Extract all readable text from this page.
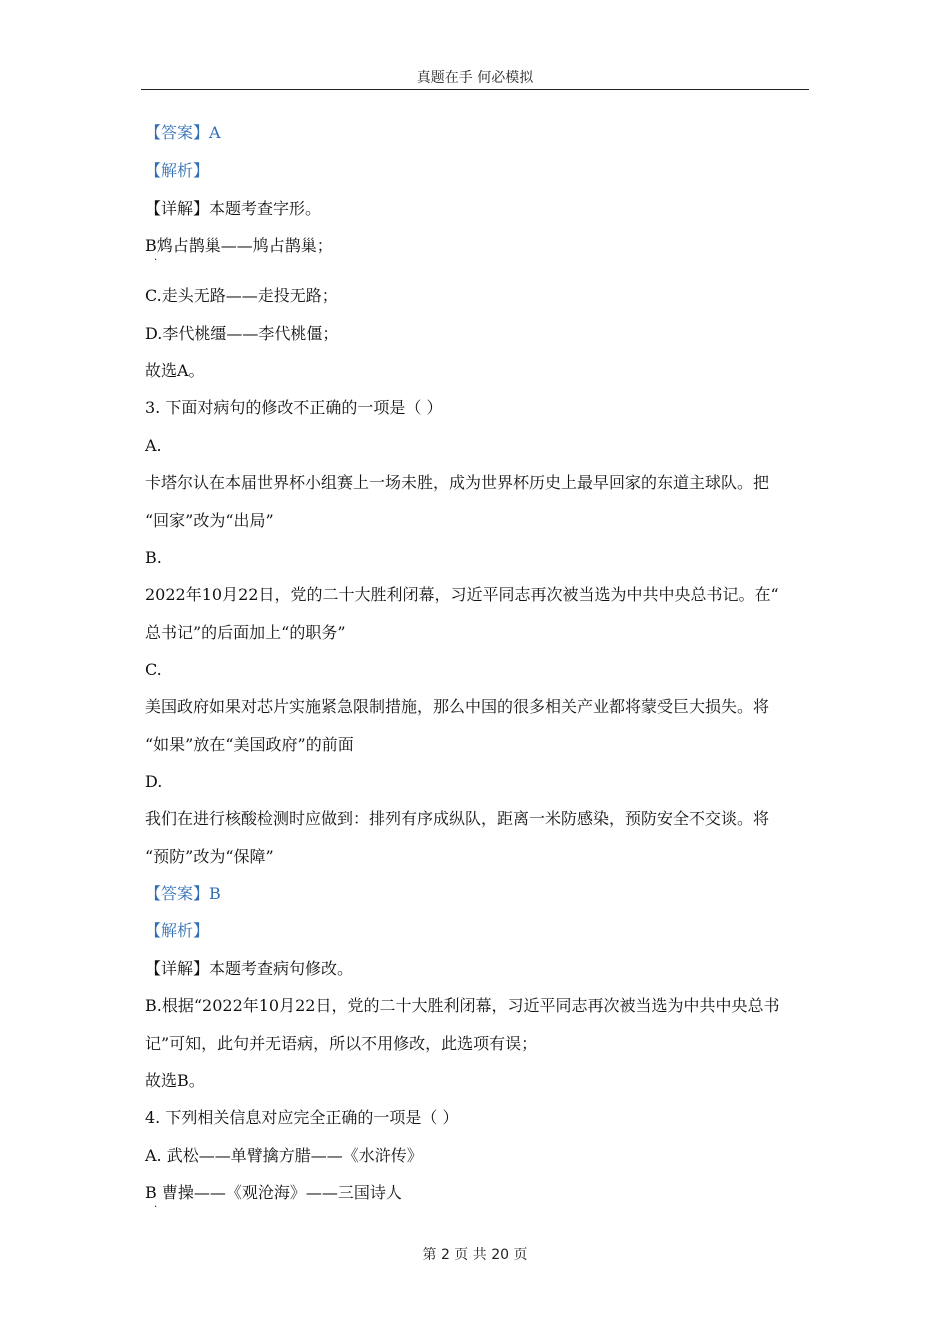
真题在手 何必模拟
【答案】A
【解析】
【详解】本题考查字形。
B鸩占鹊巢——鸠占鹊巢；
·
C.走头无路——走投无路；
D.李代桃缰——李代桃僵；
故选A。
3. 下面对病句的修改不正确的一项是（ ）
A.
卡塔尔认在本届世界杯小组赛上一场未胜，成为世界杯历史上最早回家的东道主球队。把
“回家”改为“出局”
B.
2022年10月22日，党的二十大胜利闭幕，习近平同志再次被当选为中共中央总书记。在“
总书记”的后面加上“的职务”
C.
美国政府如果对芯片实施紧急限制措施，那么中国的很多相关产业都将蒙受巨大损失。将
“如果”放在“美国政府”的前面
D.
我们在进行核酸检测时应做到：排列有序成纵队，距离一米防感染，预防安全不交谈。将
“预防”改为“保障”
【答案】B
【解析】
【详解】本题考查病句修改。
B.根据“2022年10月22日，党的二十大胜利闭幕，习近平同志再次被当选为中共中央总书
记”可知，此句并无语病，所以不用修改，此选项有误；
故选B。
4. 下列相关信息对应完全正确的一项是（ ）
A. 武松——单臂擒方腊——《水浒传》
B 曹操——《观沧海》——三国诗人
·
第 2 页 共 20 页
